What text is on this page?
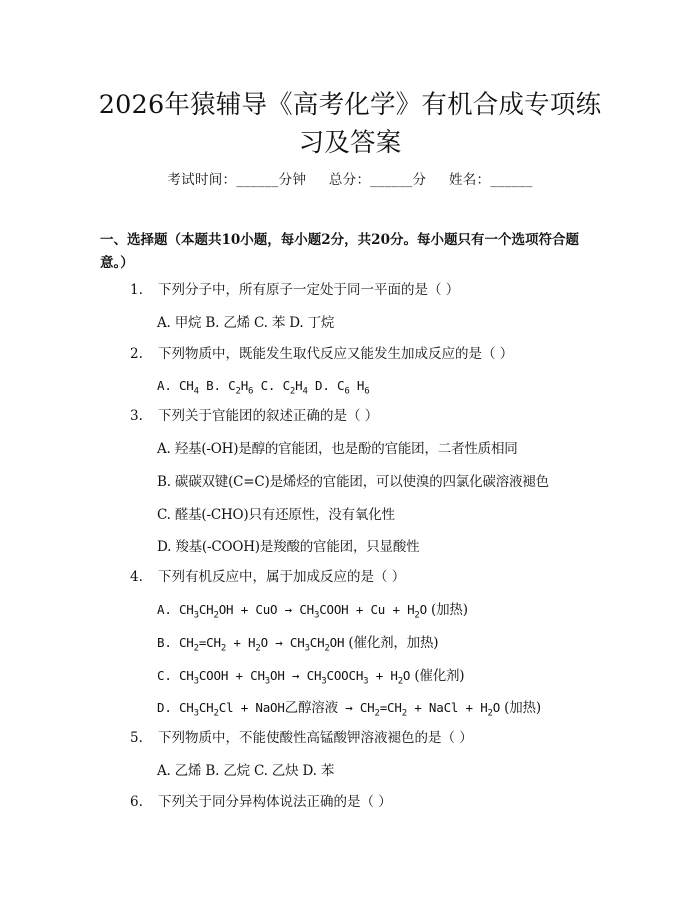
2026年猿辅导《高考化学》有机合成专项练习及答案
考试时间：______分钟 总分：______分 姓名：______
一、选择题（本题共10小题，每小题2分，共20分。每小题只有一个选项符合题意。）
1. 下列分子中，所有原子一定处于同一平面的是（ ）
A. 甲烷 B. 乙烯 C. 苯 D. 丁烷
2. 下列物质中，既能发生取代反应又能发生加成反应的是（ ）
A. $CH_4$ B. $C_2H_6$ C. $C_2H_4$ D. $C_6$ $H_6$
3. 下列关于官能团的叙述正确的是（ ）
A. 羟基(-OH)是醇的官能团，也是酚的官能团，二者性质相同
B. 碳碳双键(C=C)是烯烃的官能团，可以使溴的四氯化碳溶液褪色
C. 醛基(-CHO)只有还原性，没有氧化性
D. 羧基(-COOH)是羧酸的官能团，只显酸性
4. 下列有机反应中，属于加成反应的是（ ）
A. $CH_3CH_2OH$ + CuO → $CH_3COOH + Cu + H_2O$ (加热)
B. $CH_2=CH_2 + H_2O \to CH_3CH_2OH$ (催化剂，加热)
C. $CH_3COOH + CH_3OH$ → $CH_3COOCH_3 + H_2O$ (催化剂)
D. $CH_3CH_2Cl$ + NaOH乙醇溶液 → $CH_2=CH_2$ + NaCl + $H_2O$ (加热)
5. 下列物质中，不能使酸性高锰酸钾溶液褪色的是（ ）
A. 乙烯 B. 乙烷 C. 乙炔 D. 苯
6. 下列关于同分异构体说法正确的是（ ）
